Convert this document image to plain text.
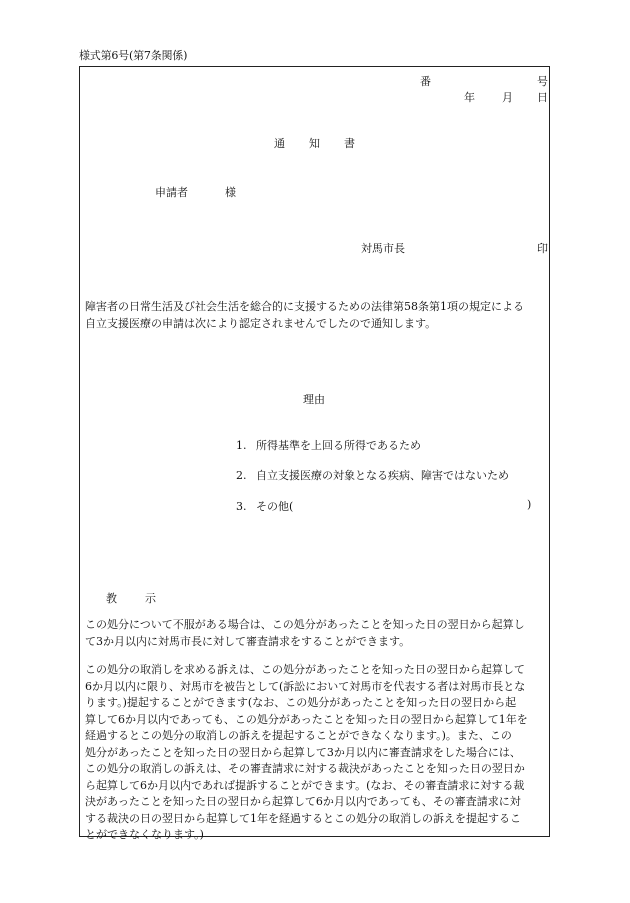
様式第6号(第7条関係)
番	号
年 月 日
通 知 書
申請者	様
対馬市長	印
障害者の日常生活及び社会生活を総合的に支援するための法律第58条第1項の規定による
自立支援医療の申請は次により認定されませんでしたので通知します。
理由
1. 所得基準を上回る所得であるため
2. 自立支援医療の対象となる疾病、障害ではないため
3. その他(	)
教	示
この処分について不服がある場合は、この処分があったことを知った日の翌日から起算し
て3か月以内に対馬市長に対して審査請求をすることができます。
この処分の取消しを求める訴えは、この処分があったことを知った日の翌日から起算して
6か月以内に限り、対馬市を被告として(訴訟において対馬市を代表する者は対馬市長とな
ります。)提起することができます(なお、この処分があったことを知った日の翌日から起
算して6か月以内であっても、この処分があったことを知った日の翌日から起算して1年を
経過するとこの処分の取消しの訴えを提起することができなくなります。)。また、この
処分があったことを知った日の翌日から起算して3か月以内に審査請求をした場合には、
この処分の取消しの訴えは、その審査請求に対する裁決があったことを知った日の翌日か
ら起算して6か月以内であれば提訴することができます。(なお、その審査請求に対する裁
決があったことを知った日の翌日から起算して6か月以内であっても、その審査請求に対
する裁決の日の翌日から起算して1年を経過するとこの処分の取消しの訴えを提起するこ
とができなくなります。)
